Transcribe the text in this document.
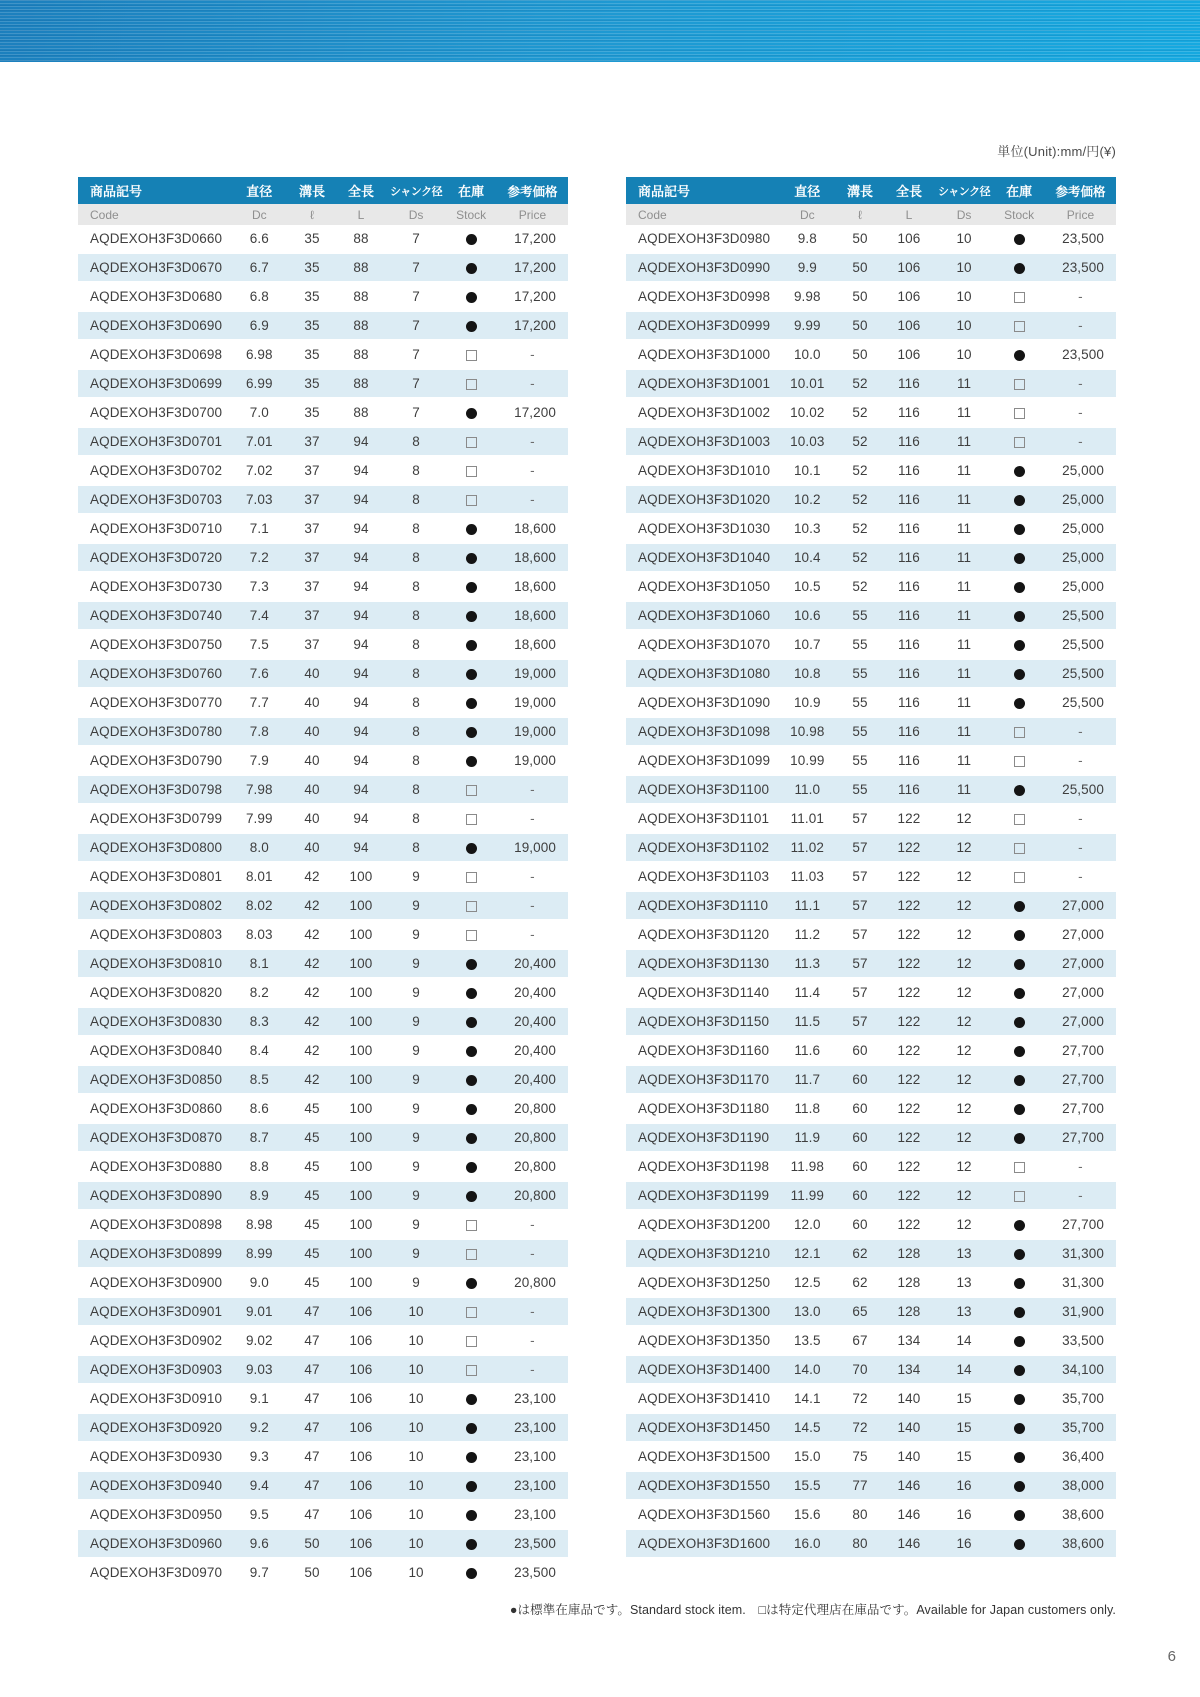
単位(Unit):mm/円(¥)
商品記号	直径	溝長	全長	シャンク径	在庫	参考価格
Code	Dc	ℓ	L	Ds	Stock	Price
AQDEXOH3F3D0660	6.6	35	88	7		17,200
AQDEXOH3F3D0670	6.7	35	88	7		17,200
AQDEXOH3F3D0680	6.8	35	88	7		17,200
AQDEXOH3F3D0690	6.9	35	88	7		17,200
AQDEXOH3F3D0698	6.98	35	88	7		-
AQDEXOH3F3D0699	6.99	35	88	7		-
AQDEXOH3F3D0700	7.0	35	88	7		17,200
AQDEXOH3F3D0701	7.01	37	94	8		-
AQDEXOH3F3D0702	7.02	37	94	8		-
AQDEXOH3F3D0703	7.03	37	94	8		-
AQDEXOH3F3D0710	7.1	37	94	8		18,600
AQDEXOH3F3D0720	7.2	37	94	8		18,600
AQDEXOH3F3D0730	7.3	37	94	8		18,600
AQDEXOH3F3D0740	7.4	37	94	8		18,600
AQDEXOH3F3D0750	7.5	37	94	8		18,600
AQDEXOH3F3D0760	7.6	40	94	8		19,000
AQDEXOH3F3D0770	7.7	40	94	8		19,000
AQDEXOH3F3D0780	7.8	40	94	8		19,000
AQDEXOH3F3D0790	7.9	40	94	8		19,000
AQDEXOH3F3D0798	7.98	40	94	8		-
AQDEXOH3F3D0799	7.99	40	94	8		-
AQDEXOH3F3D0800	8.0	40	94	8		19,000
AQDEXOH3F3D0801	8.01	42	100	9		-
AQDEXOH3F3D0802	8.02	42	100	9		-
AQDEXOH3F3D0803	8.03	42	100	9		-
AQDEXOH3F3D0810	8.1	42	100	9		20,400
AQDEXOH3F3D0820	8.2	42	100	9		20,400
AQDEXOH3F3D0830	8.3	42	100	9		20,400
AQDEXOH3F3D0840	8.4	42	100	9		20,400
AQDEXOH3F3D0850	8.5	42	100	9		20,400
AQDEXOH3F3D0860	8.6	45	100	9		20,800
AQDEXOH3F3D0870	8.7	45	100	9		20,800
AQDEXOH3F3D0880	8.8	45	100	9		20,800
AQDEXOH3F3D0890	8.9	45	100	9		20,800
AQDEXOH3F3D0898	8.98	45	100	9		-
AQDEXOH3F3D0899	8.99	45	100	9		-
AQDEXOH3F3D0900	9.0	45	100	9		20,800
AQDEXOH3F3D0901	9.01	47	106	10		-
AQDEXOH3F3D0902	9.02	47	106	10		-
AQDEXOH3F3D0903	9.03	47	106	10		-
AQDEXOH3F3D0910	9.1	47	106	10		23,100
AQDEXOH3F3D0920	9.2	47	106	10		23,100
AQDEXOH3F3D0930	9.3	47	106	10		23,100
AQDEXOH3F3D0940	9.4	47	106	10		23,100
AQDEXOH3F3D0950	9.5	47	106	10		23,100
AQDEXOH3F3D0960	9.6	50	106	10		23,500
AQDEXOH3F3D0970	9.7	50	106	10		23,500
商品記号	直径	溝長	全長	シャンク径	在庫	参考価格
Code	Dc	ℓ	L	Ds	Stock	Price
AQDEXOH3F3D0980	9.8	50	106	10		23,500
AQDEXOH3F3D0990	9.9	50	106	10		23,500
AQDEXOH3F3D0998	9.98	50	106	10		-
AQDEXOH3F3D0999	9.99	50	106	10		-
AQDEXOH3F3D1000	10.0	50	106	10		23,500
AQDEXOH3F3D1001	10.01	52	116	11		-
AQDEXOH3F3D1002	10.02	52	116	11		-
AQDEXOH3F3D1003	10.03	52	116	11		-
AQDEXOH3F3D1010	10.1	52	116	11		25,000
AQDEXOH3F3D1020	10.2	52	116	11		25,000
AQDEXOH3F3D1030	10.3	52	116	11		25,000
AQDEXOH3F3D1040	10.4	52	116	11		25,000
AQDEXOH3F3D1050	10.5	52	116	11		25,000
AQDEXOH3F3D1060	10.6	55	116	11		25,500
AQDEXOH3F3D1070	10.7	55	116	11		25,500
AQDEXOH3F3D1080	10.8	55	116	11		25,500
AQDEXOH3F3D1090	10.9	55	116	11		25,500
AQDEXOH3F3D1098	10.98	55	116	11		-
AQDEXOH3F3D1099	10.99	55	116	11		-
AQDEXOH3F3D1100	11.0	55	116	11		25,500
AQDEXOH3F3D1101	11.01	57	122	12		-
AQDEXOH3F3D1102	11.02	57	122	12		-
AQDEXOH3F3D1103	11.03	57	122	12		-
AQDEXOH3F3D1110	11.1	57	122	12		27,000
AQDEXOH3F3D1120	11.2	57	122	12		27,000
AQDEXOH3F3D1130	11.3	57	122	12		27,000
AQDEXOH3F3D1140	11.4	57	122	12		27,000
AQDEXOH3F3D1150	11.5	57	122	12		27,000
AQDEXOH3F3D1160	11.6	60	122	12		27,700
AQDEXOH3F3D1170	11.7	60	122	12		27,700
AQDEXOH3F3D1180	11.8	60	122	12		27,700
AQDEXOH3F3D1190	11.9	60	122	12		27,700
AQDEXOH3F3D1198	11.98	60	122	12		-
AQDEXOH3F3D1199	11.99	60	122	12		-
AQDEXOH3F3D1200	12.0	60	122	12		27,700
AQDEXOH3F3D1210	12.1	62	128	13		31,300
AQDEXOH3F3D1250	12.5	62	128	13		31,300
AQDEXOH3F3D1300	13.0	65	128	13		31,900
AQDEXOH3F3D1350	13.5	67	134	14		33,500
AQDEXOH3F3D1400	14.0	70	134	14		34,100
AQDEXOH3F3D1410	14.1	72	140	15		35,700
AQDEXOH3F3D1450	14.5	72	140	15		35,700
AQDEXOH3F3D1500	15.0	75	140	15		36,400
AQDEXOH3F3D1550	15.5	77	146	16		38,000
AQDEXOH3F3D1560	15.6	80	146	16		38,600
AQDEXOH3F3D1600	16.0	80	146	16		38,600
●は標準在庫品です。Standard stock item.　□は特定代理店在庫品です。Available for Japan customers only.
6
